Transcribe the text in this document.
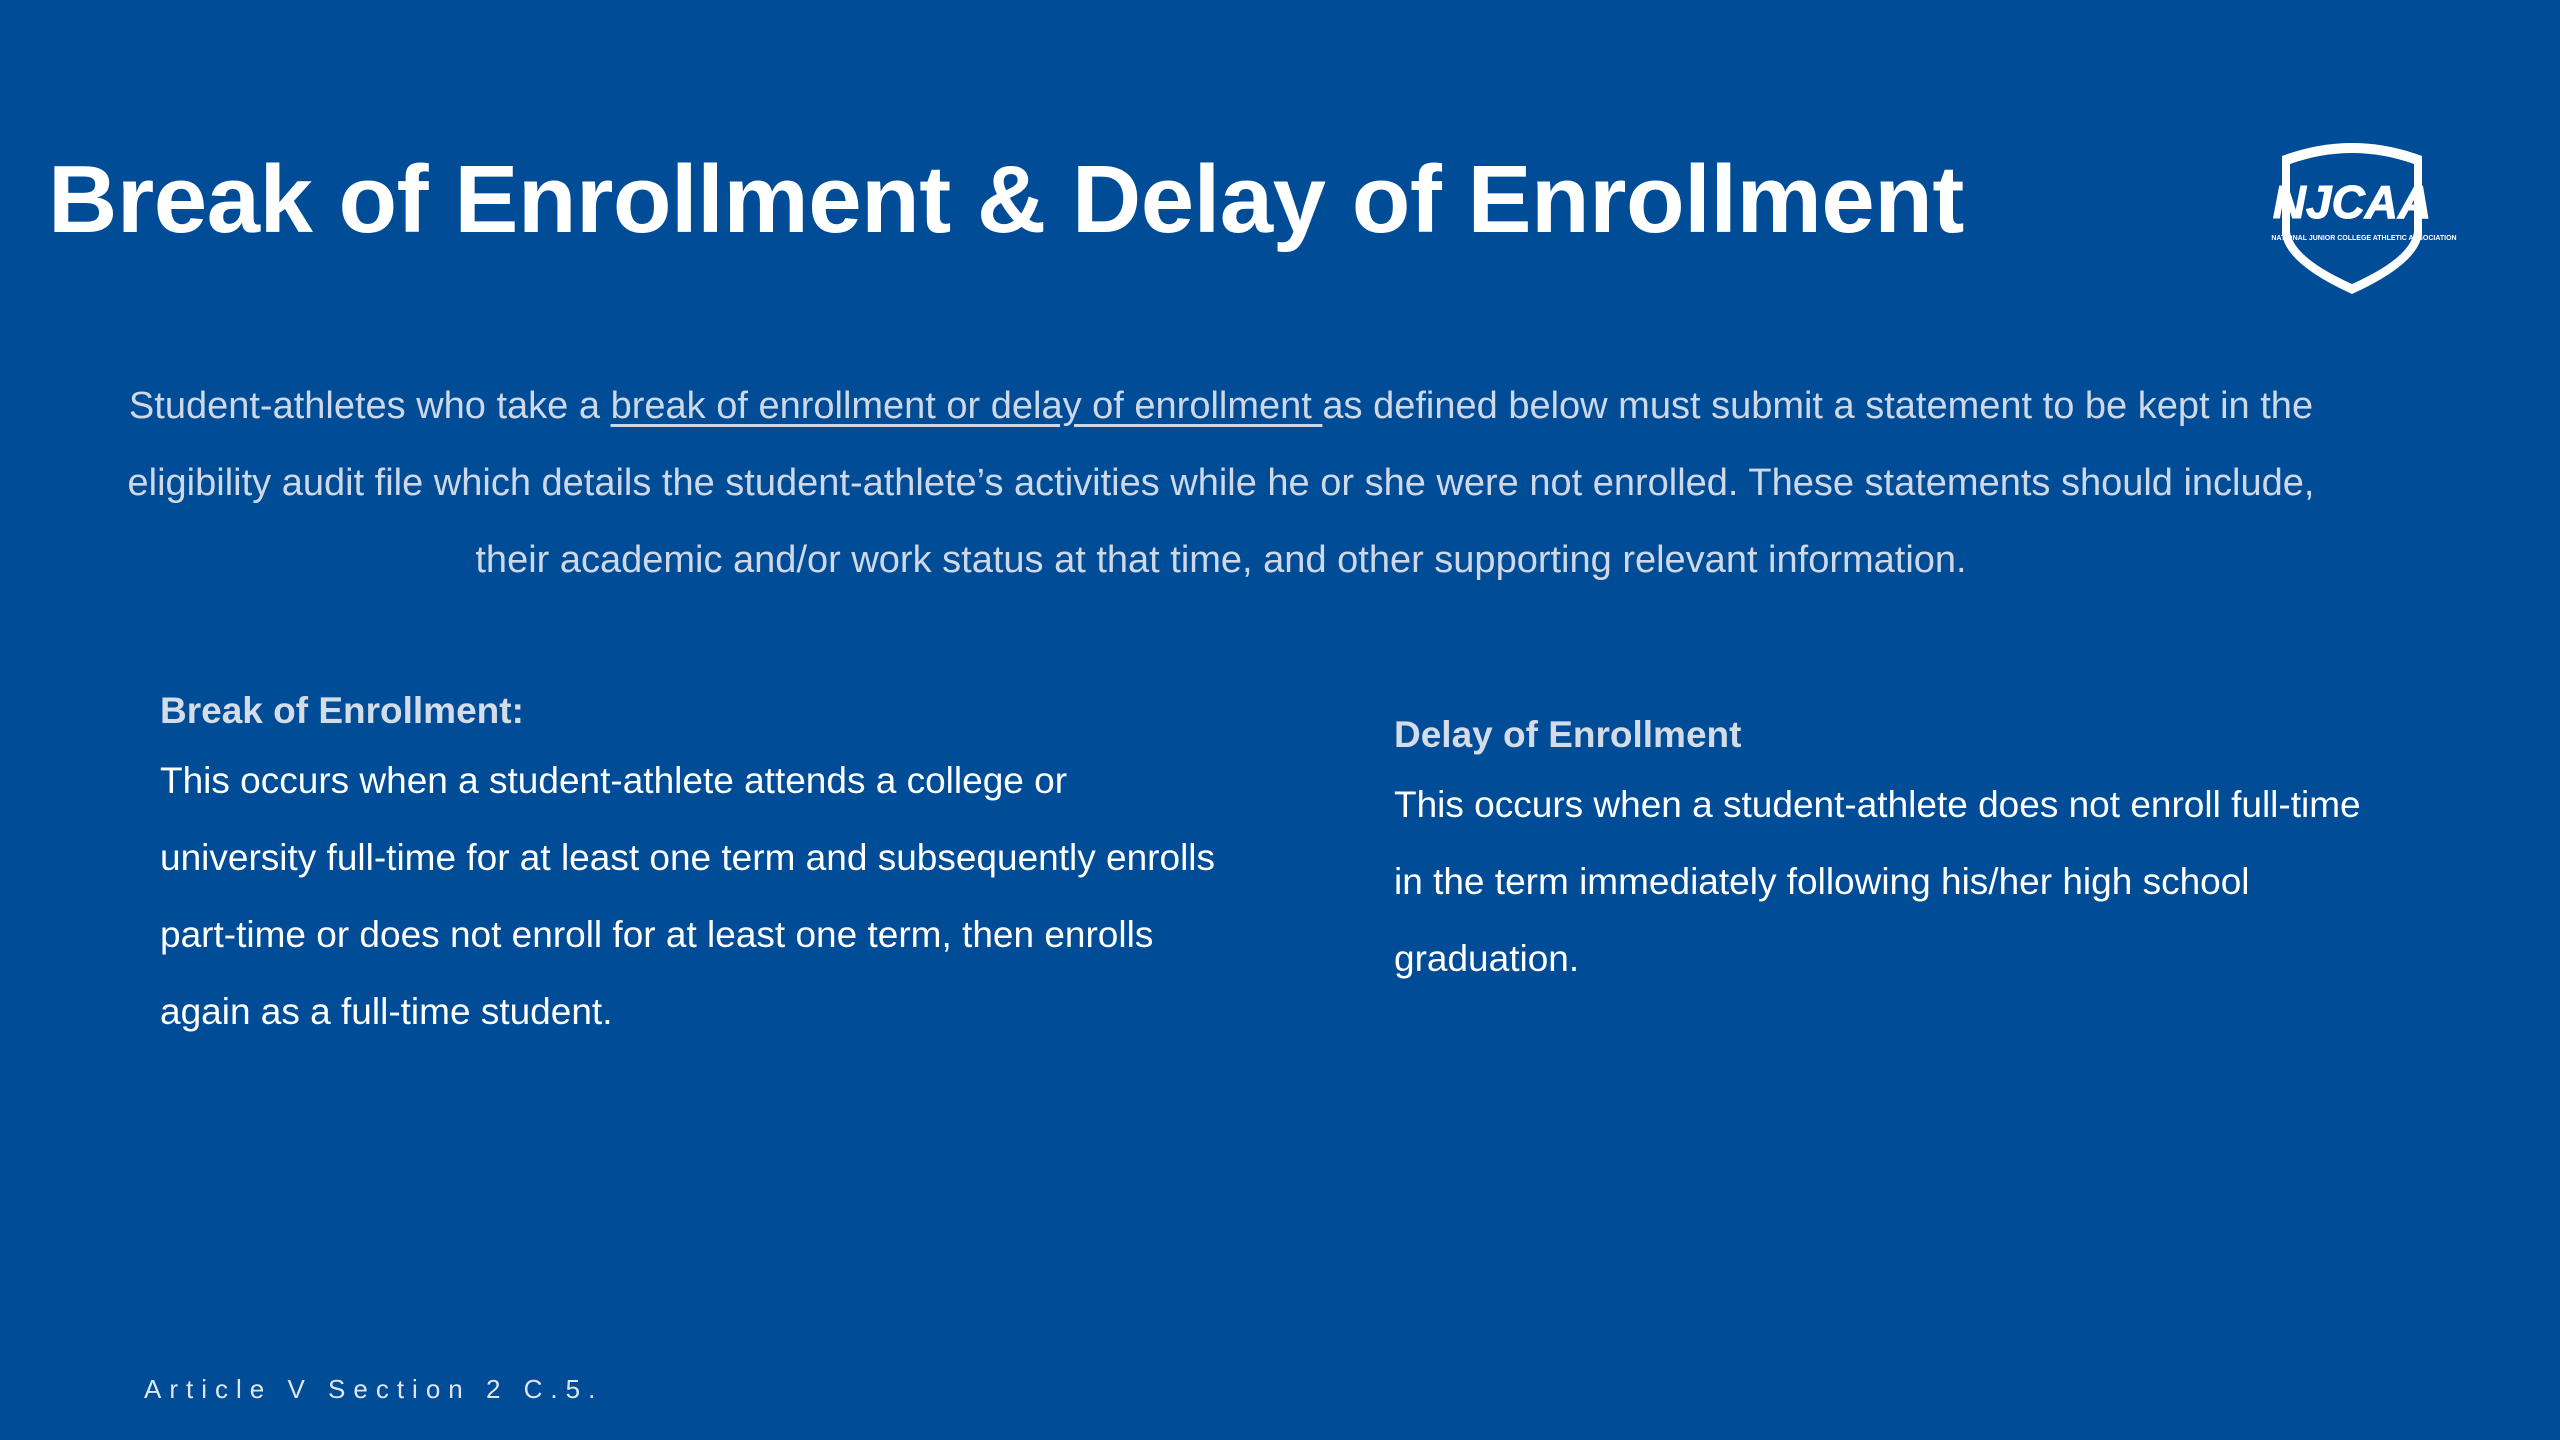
Break of Enrollment & Delay of Enrollment	NJCAA
NATIONAL JUNIOR COLLEGE ATHLETIC ASSOCIATION

Student-athletes who take a break of enrollment or delay of enrollment as defined below must submit a statement to be kept in the eligibility audit file which details the student-athlete’s activities while he or she were not enrolled. These statements should include, their academic and/or work status at that time, and other supporting relevant information.

Break of Enrollment:

This occurs when a student-athlete attends a college or university full-time for at least one term and subsequently enrolls part-time or does not enroll for at least one term, then enrolls again as a full-time student.

Delay of Enrollment

This occurs when a student-athlete does not enroll full-time in the term immediately following his/her high school graduation.

Article V Section 2 C.5.
